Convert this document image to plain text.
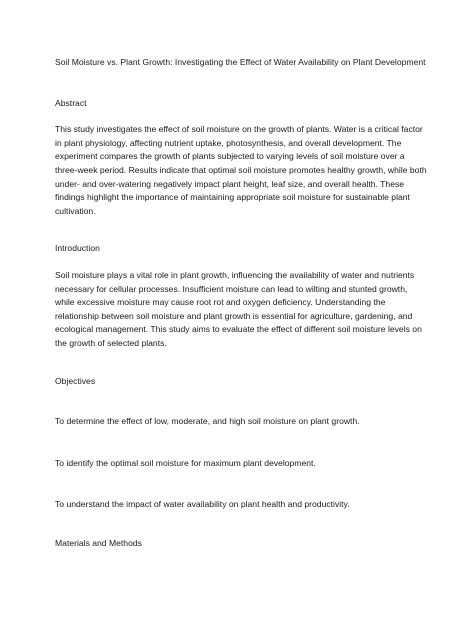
Soil Moisture vs. Plant Growth: Investigating the Effect of Water Availability on Plant Development

Abstract

This study investigates the effect of soil moisture on the growth of plants. Water is a critical factor in plant physiology, affecting nutrient uptake, photosynthesis, and overall development. The experiment compares the growth of plants subjected to varying levels of soil moisture over a three-week period. Results indicate that optimal soil moisture promotes healthy growth, while both under- and over-watering negatively impact plant height, leaf size, and overall health. These findings highlight the importance of maintaining appropriate soil moisture for sustainable plant cultivation.

Introduction

Soil moisture plays a vital role in plant growth, influencing the availability of water and nutrients necessary for cellular processes. Insufficient moisture can lead to wilting and stunted growth, while excessive moisture may cause root rot and oxygen deficiency. Understanding the relationship between soil moisture and plant growth is essential for agriculture, gardening, and ecological management. This study aims to evaluate the effect of different soil moisture levels on the growth of selected plants.

Objectives

To determine the effect of low, moderate, and high soil moisture on plant growth.

To identify the optimal soil moisture for maximum plant development.

To understand the impact of water availability on plant health and productivity.

Materials and Methods
